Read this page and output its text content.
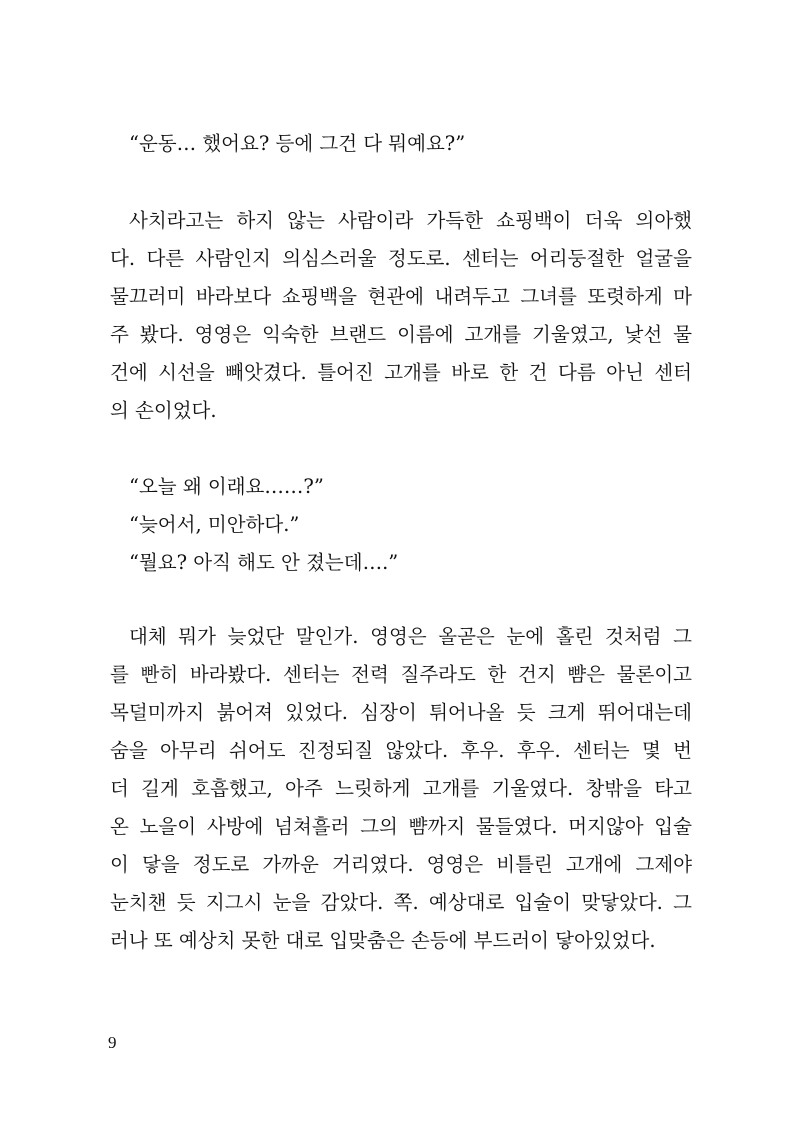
“운동… 했어요? 등에 그건 다 뭐예요?”

사치라고는 하지 않는 사람이라 가득한 쇼핑백이 더욱 의아했

다. 다른 사람인지 의심스러울 정도로. 센터는 어리둥절한 얼굴을

물끄러미 바라보다 쇼핑백을 현관에 내려두고 그녀를 또렷하게 마

주 봤다. 영영은 익숙한 브랜드 이름에 고개를 기울였고, 낯선 물

건에 시선을 빼앗겼다. 틀어진 고개를 바로 한 건 다름 아닌 센터

의 손이었다.

“오늘 왜 이래요……?”

“늦어서, 미안하다.”

“뭘요? 아직 해도 안 졌는데….”

대체 뭐가 늦었단 말인가. 영영은 올곧은 눈에 홀린 것처럼 그

를 빤히 바라봤다. 센터는 전력 질주라도 한 건지 뺨은 물론이고

목덜미까지 붉어져 있었다. 심장이 튀어나올 듯 크게 뛰어대는데

숨을 아무리 쉬어도 진정되질 않았다. 후우. 후우. 센터는 몇 번

더 길게 호흡했고, 아주 느릿하게 고개를 기울였다. 창밖을 타고

온 노을이 사방에 넘쳐흘러 그의 뺨까지 물들였다. 머지않아 입술

이 닿을 정도로 가까운 거리였다. 영영은 비틀린 고개에 그제야

눈치챈 듯 지그시 눈을 감았다. 쪽. 예상대로 입술이 맞닿았다. 그

러나 또 예상치 못한 대로 입맞춤은 손등에 부드러이 닿아있었다.

9
